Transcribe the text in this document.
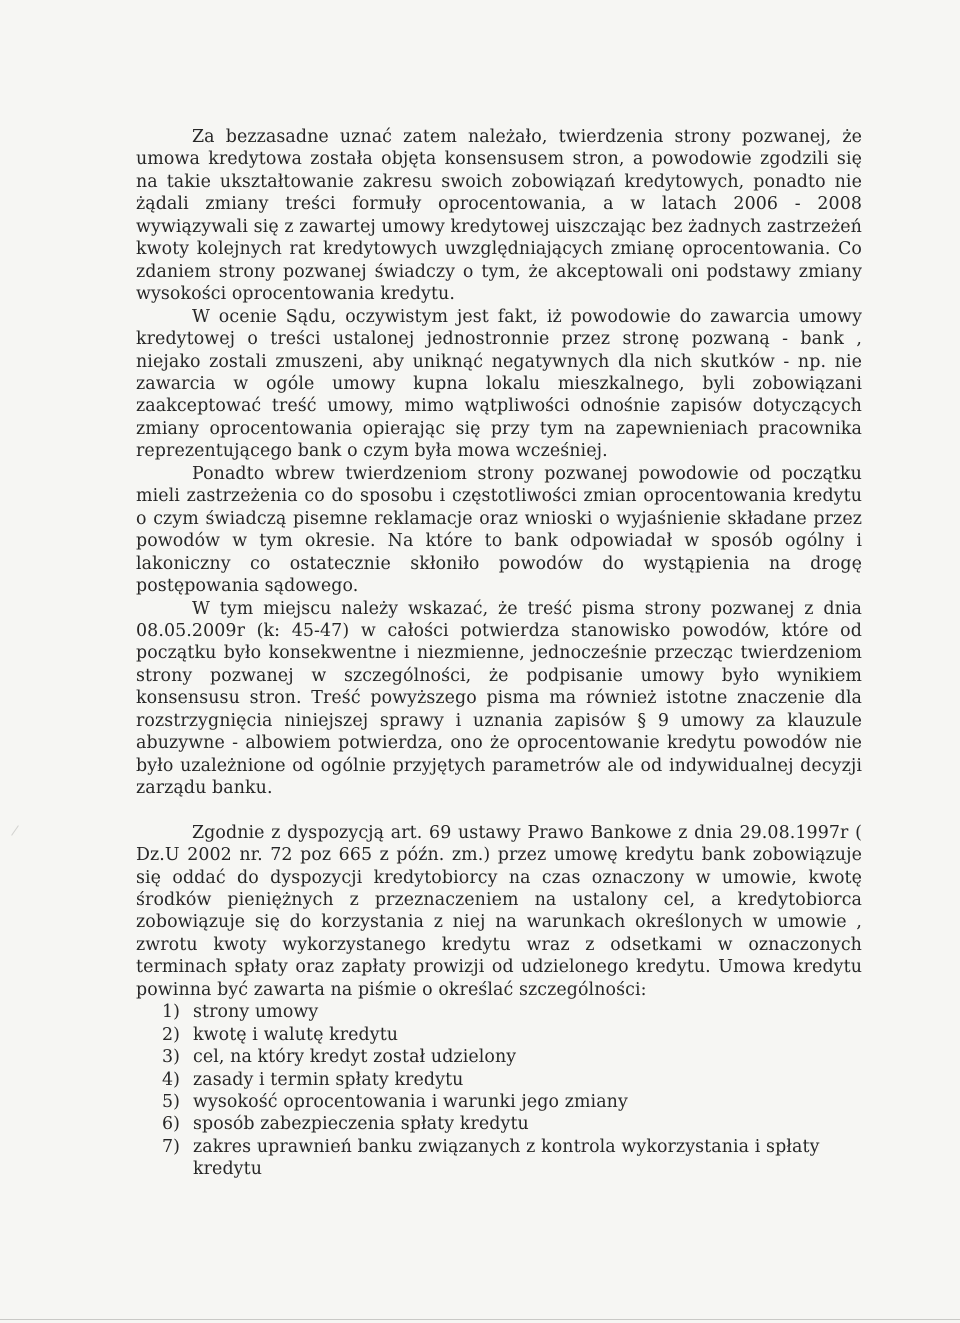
Za bezzasadne uznać zatem należało, twierdzenia strony pozwanej, że umowa kredytowa została objęta konsensusem stron, a powodowie zgodzili się na takie ukształtowanie zakresu swoich zobowiązań kredytowych, ponadto nie żądali zmiany treści formuły oprocentowania, a w latach 2006 - 2008 wywiązywali się z zawartej umowy kredytowej uiszczając bez żadnych zastrzeżeń kwoty kolejnych rat kredytowych uwzględniających zmianę oprocentowania. Co zdaniem strony pozwanej świadczy o tym, że akceptowali oni podstawy zmiany wysokości oprocentowania kredytu.

W ocenie Sądu, oczywistym jest fakt, iż powodowie do zawarcia umowy kredytowej o treści ustalonej jednostronnie przez stronę pozwaną - bank , niejako zostali zmuszeni, aby uniknąć negatywnych dla nich skutków - np. nie zawarcia w ogóle umowy kupna lokalu mieszkalnego, byli zobowiązani zaakceptować treść umowy, mimo wątpliwości odnośnie zapisów dotyczących zmiany oprocentowania opierając się przy tym na zapewnieniach pracownika reprezentującego bank o czym była mowa wcześniej.

Ponadto wbrew twierdzeniom strony pozwanej powodowie od początku mieli zastrzeżenia co do sposobu i częstotliwości zmian oprocentowania kredytu o czym świadczą pisemne reklamacje oraz wnioski o wyjaśnienie składane przez powodów w tym okresie. Na które to bank odpowiadał w sposób ogólny i lakoniczny co ostatecznie skłoniło powodów do wystąpienia na drogę postępowania sądowego.

W tym miejscu należy wskazać, że treść pisma strony pozwanej z dnia 08.05.2009r (k: 45-47) w całości potwierdza stanowisko powodów, które od początku było konsekwentne i niezmienne, jednocześnie przecząc twierdzeniom strony pozwanej w szczególności, że podpisanie umowy było wynikiem konsensusu stron. Treść powyższego pisma ma również istotne znaczenie dla rozstrzygnięcia niniejszej sprawy i uznania zapisów § 9 umowy za klauzule abuzywne - albowiem potwierdza, ono że oprocentowanie kredytu powodów nie było uzależnione od ogólnie przyjętych parametrów ale od indywidualnej decyzji zarządu banku.

Zgodnie z dyspozycją art. 69 ustawy Prawo Bankowe z dnia 29.08.1997r ( Dz.U 2002 nr. 72 poz 665 z późn. zm.) przez umowę kredytu bank zobowiązuje się oddać do dyspozycji kredytobiorcy na czas oznaczony w umowie, kwotę środków pieniężnych z przeznaczeniem na ustalony cel, a kredytobiorca zobowiązuje się do korzystania z niej na warunkach określonych w umowie , zwrotu kwoty wykorzystanego kredytu wraz z odsetkami w oznaczonych terminach spłaty oraz zapłaty prowizji od udzielonego kredytu. Umowa kredytu powinna być zawarta na piśmie o określać szczególności:

1) strony umowy
2) kwotę i walutę kredytu
3) cel, na który kredyt został udzielony
4) zasady i termin spłaty kredytu
5) wysokość oprocentowania i warunki jego zmiany
6) sposób zabezpieczenia spłaty kredytu
7) zakres uprawnień banku związanych z kontrola wykorzystania i spłaty kredytu
